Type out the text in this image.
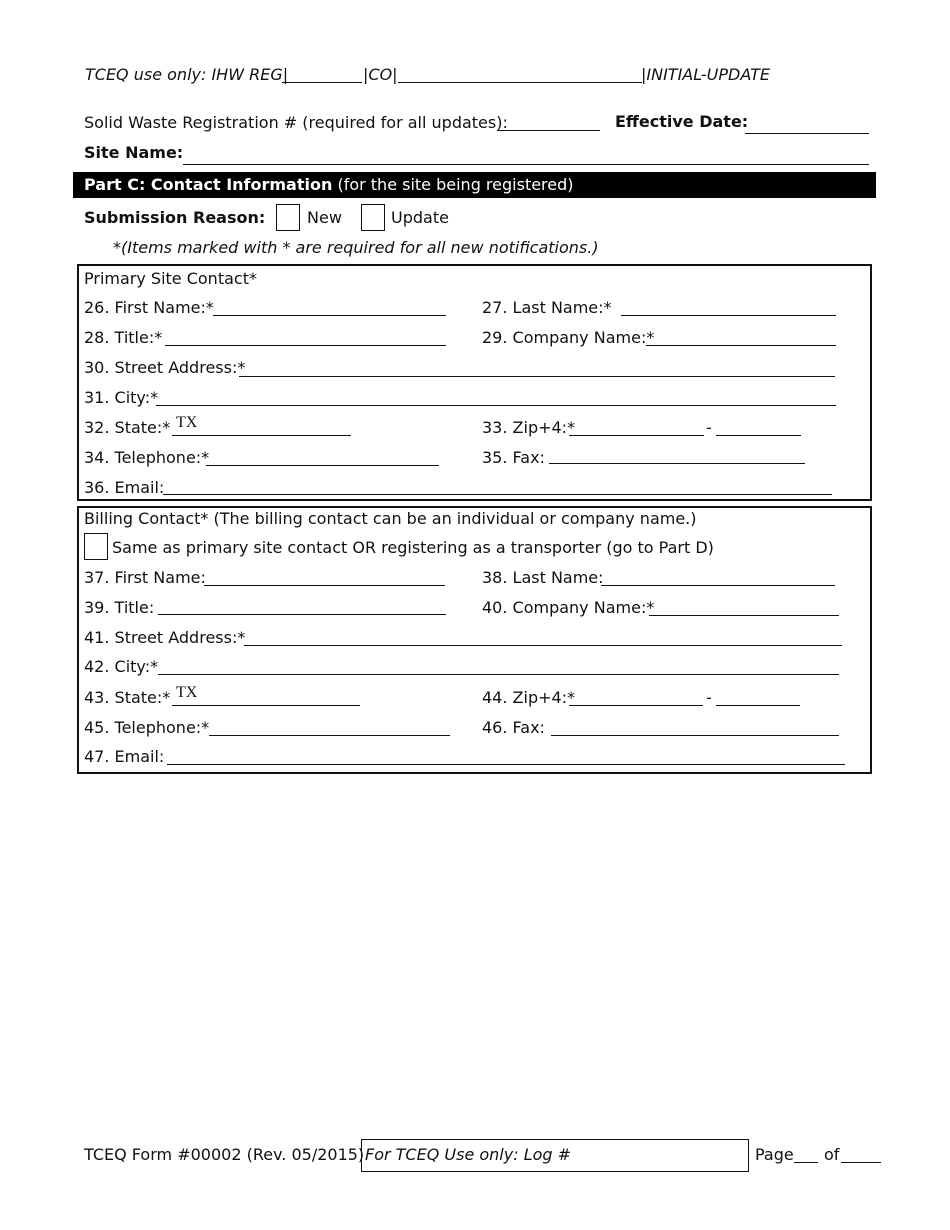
TCEQ use only: IHW REG|	|CO|	|INITIAL-UPDATE
Solid Waste Registration # (required for all updates):	Effective Date:
Site Name:
Part C: Contact Information (for the site being registered)
Submission Reason:	New	Update
*(Items marked with * are required for all new notifications.)
Primary Site Contact*
26. First Name:*	27. Last Name:*
28. Title:*	29. Company Name:*
30. Street Address:*
31. City:*
32. State:* TX	33. Zip+4:*	-
34. Telephone:*	35. Fax:
36. Email:
Billing Contact* (The billing contact can be an individual or company name.)
Same as primary site contact OR registering as a transporter (go to Part D)
37. First Name:	38. Last Name:
39. Title:	40. Company Name:*
41. Street Address:*
42. City:*
43. State:* TX	44. Zip+4:*	-
45. Telephone:*	46. Fax:
47. Email:
TCEQ Form #00002 (Rev. 05/2015) For TCEQ Use only: Log #	Page of
